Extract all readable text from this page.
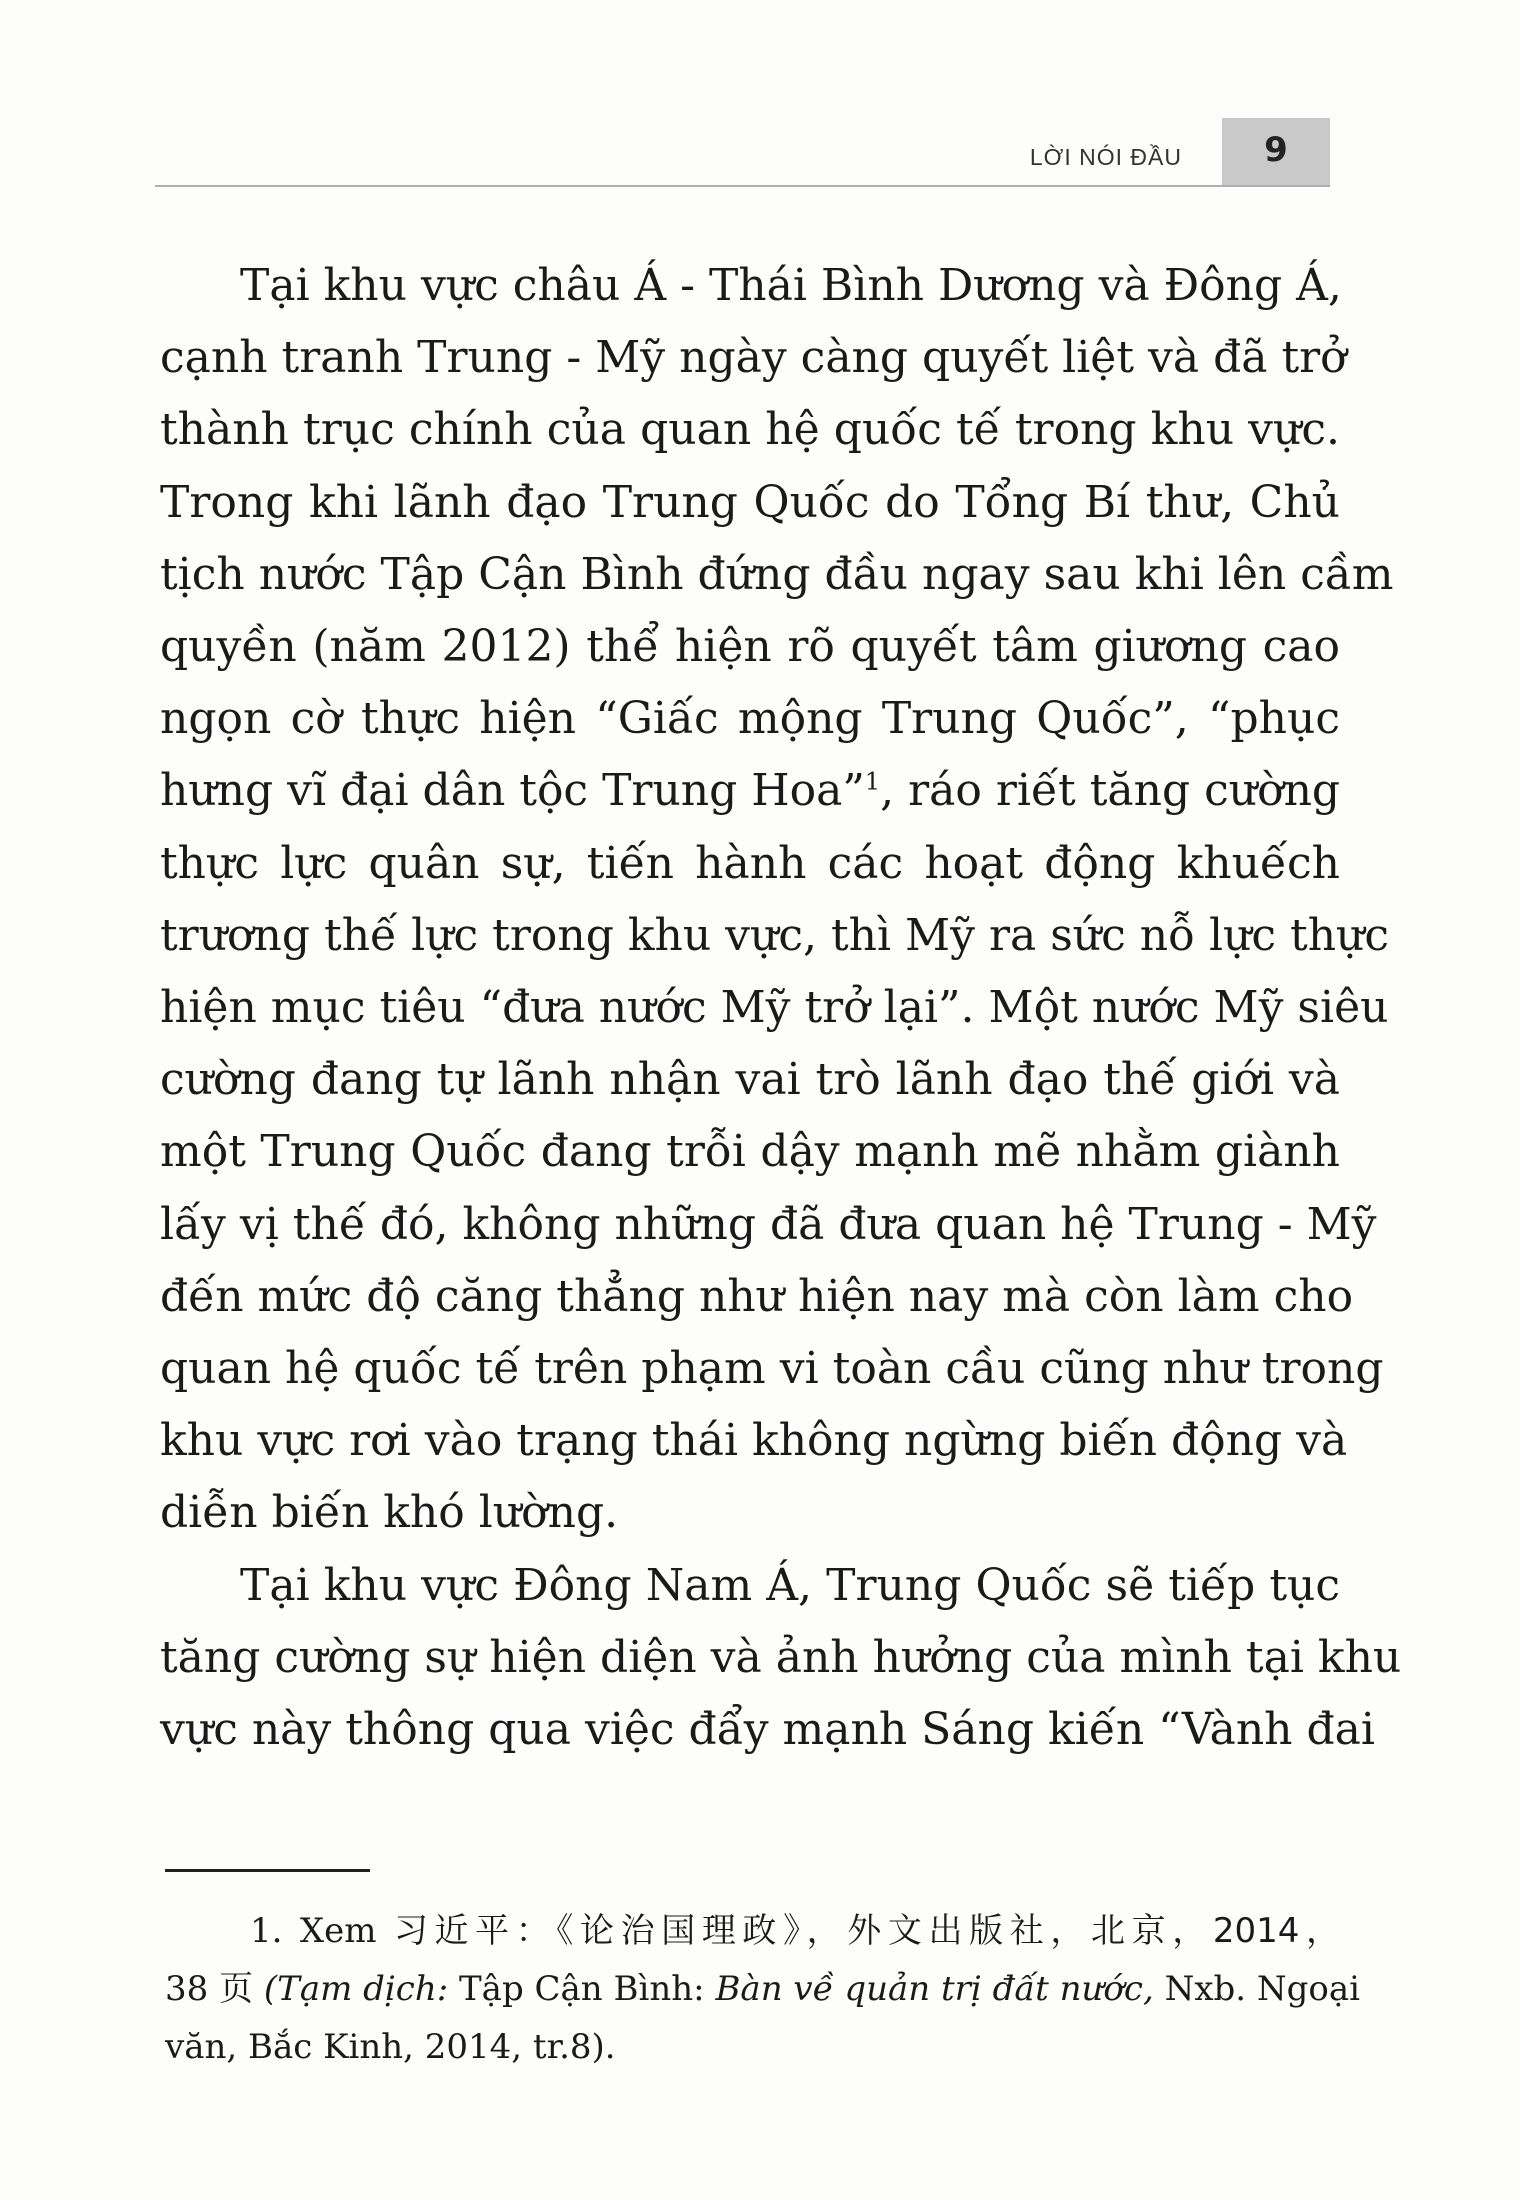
LỜI NÓI ĐẦU	9
Tại khu vực châu Á - Thái Bình Dương và Đông Á,
cạnh tranh Trung - Mỹ ngày càng quyết liệt và đã trở
thành trục chính của quan hệ quốc tế trong khu vực.
Trong khi lãnh đạo Trung Quốc do Tổng Bí thư, Chủ
tịch nước Tập Cận Bình đứng đầu ngay sau khi lên cầm
quyền (năm 2012) thể hiện rõ quyết tâm giương cao
ngọn cờ thực hiện “Giấc mộng Trung Quốc”, “phục
hưng vĩ đại dân tộc Trung Hoa”$^1$, ráo riết tăng cường
thực lực quân sự, tiến hành các hoạt động khuếch
trương thế lực trong khu vực, thì Mỹ ra sức nỗ lực thực
hiện mục tiêu “đưa nước Mỹ trở lại”. Một nước Mỹ siêu
cường đang tự lãnh nhận vai trò lãnh đạo thế giới và
một Trung Quốc đang trỗi dậy mạnh mẽ nhằm giành
lấy vị thế đó, không những đã đưa quan hệ Trung - Mỹ
đến mức độ căng thẳng như hiện nay mà còn làm cho
quan hệ quốc tế trên phạm vi toàn cầu cũng như trong
khu vực rơi vào trạng thái không ngừng biến động và
diễn biến khó lường.
Tại khu vực Đông Nam Á, Trung Quốc sẽ tiếp tục
tăng cường sự hiện diện và ảnh hưởng của mình tại khu
vực này thông qua việc đẩy mạnh Sáng kiến “Vành đai
1. Xem 习近平：《论治国理政》，外文出版社，北京，2014，
38 页 (Tạm dịch: Tập Cận Bình: Bàn về quản trị đất nước, Nxb. Ngoại
văn, Bắc Kinh, 2014, tr.8).
